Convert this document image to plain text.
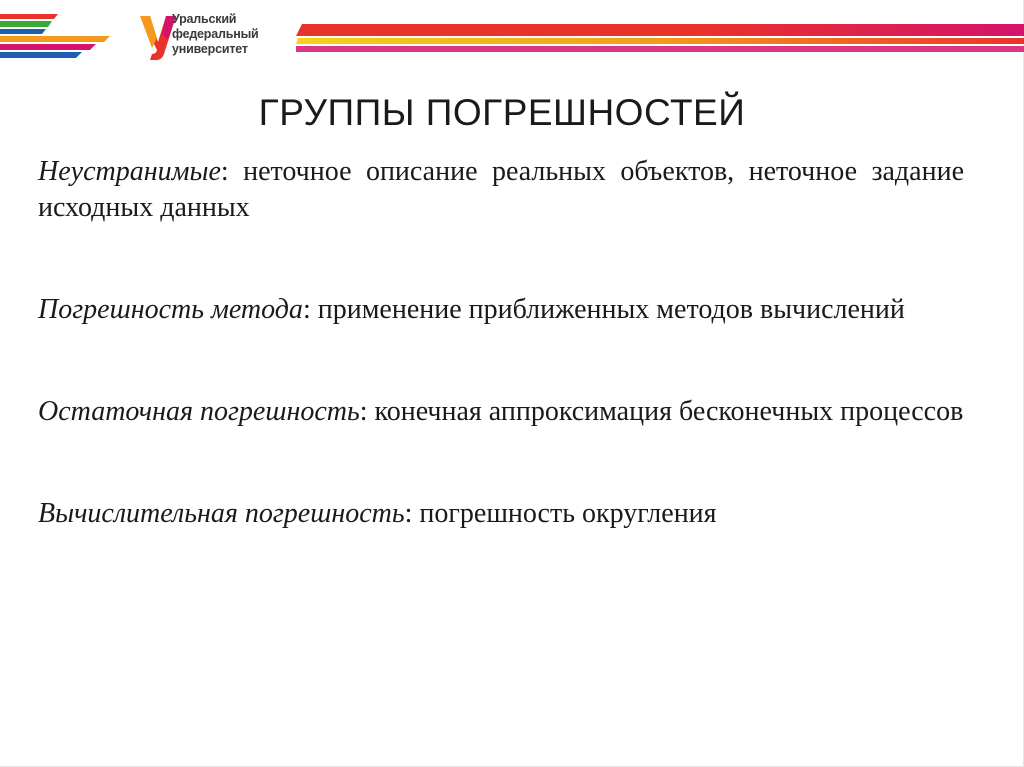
Уральский
федеральный
университет
ГРУППЫ ПОГРЕШНОСТЕЙ

Неустранимые: неточное описание реальных объектов, неточное задание исходных данных

Погрешность метода: применение приближенных методов вычислений

Остаточная погрешность: конечная аппроксимация бесконечных процессов

Вычислительная погрешность: погрешность округления
